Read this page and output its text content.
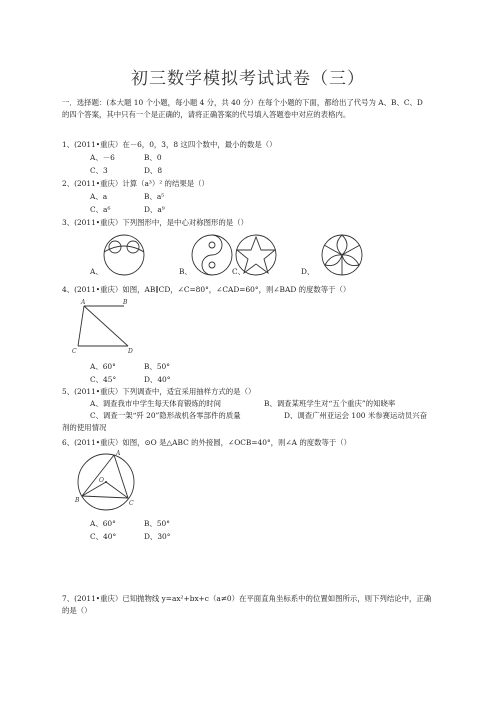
初三数学模拟考试试卷（三）
一．选择题：(本大题 10 个小题，每小题 4 分，共 40 分）在每个小题的下面，都给出了代号为 A、B、C、D 的四个答案，其中只有一个是正确的，请将正确答案的代号填入答题卷中对应的表格内。
1、(2011•重庆）在－6，0，3，8 这四个数中，最小的数是（）
A、－6	B、0
C、3	D、8
2、(2011•重庆）计算（a³）² 的结果是（）
A、a	B、a⁵
C、a⁶	D、a⁹
3、(2011•重庆）下列图形中，是中心对称图形的是（）
A、	B、	C、	D、
4、(2011•重庆）如图，AB∥CD，∠C=80°，∠CAD=60°，则∠BAD 的度数等于（）
A	B
C	D
A、60°	B、50°
C、45°	D、40°
5、(2011•重庆）下列调查中，适宜采用抽样方式的是（）
A、调查我市中学生每天体育锻炼的时间	B、调查某班学生对“五个重庆”的知晓率
C、调查一架“歼 20”隐形战机各零部件的质量	D、调查广州亚运会 100 米参赛运动员兴奋剂的使用情况
6、(2011•重庆）如图，⊙O 是△ABC 的外接圆，∠OCB=40°，则∠A 的度数等于（）
A
B	C
O
A、60°	B、50°
C、40°	D、30°
7、(2011•重庆）已知抛物线 y=ax²+bx+c（a≠0）在平面直角坐标系中的位置如图所示，则下列结论中，正确的是（）
